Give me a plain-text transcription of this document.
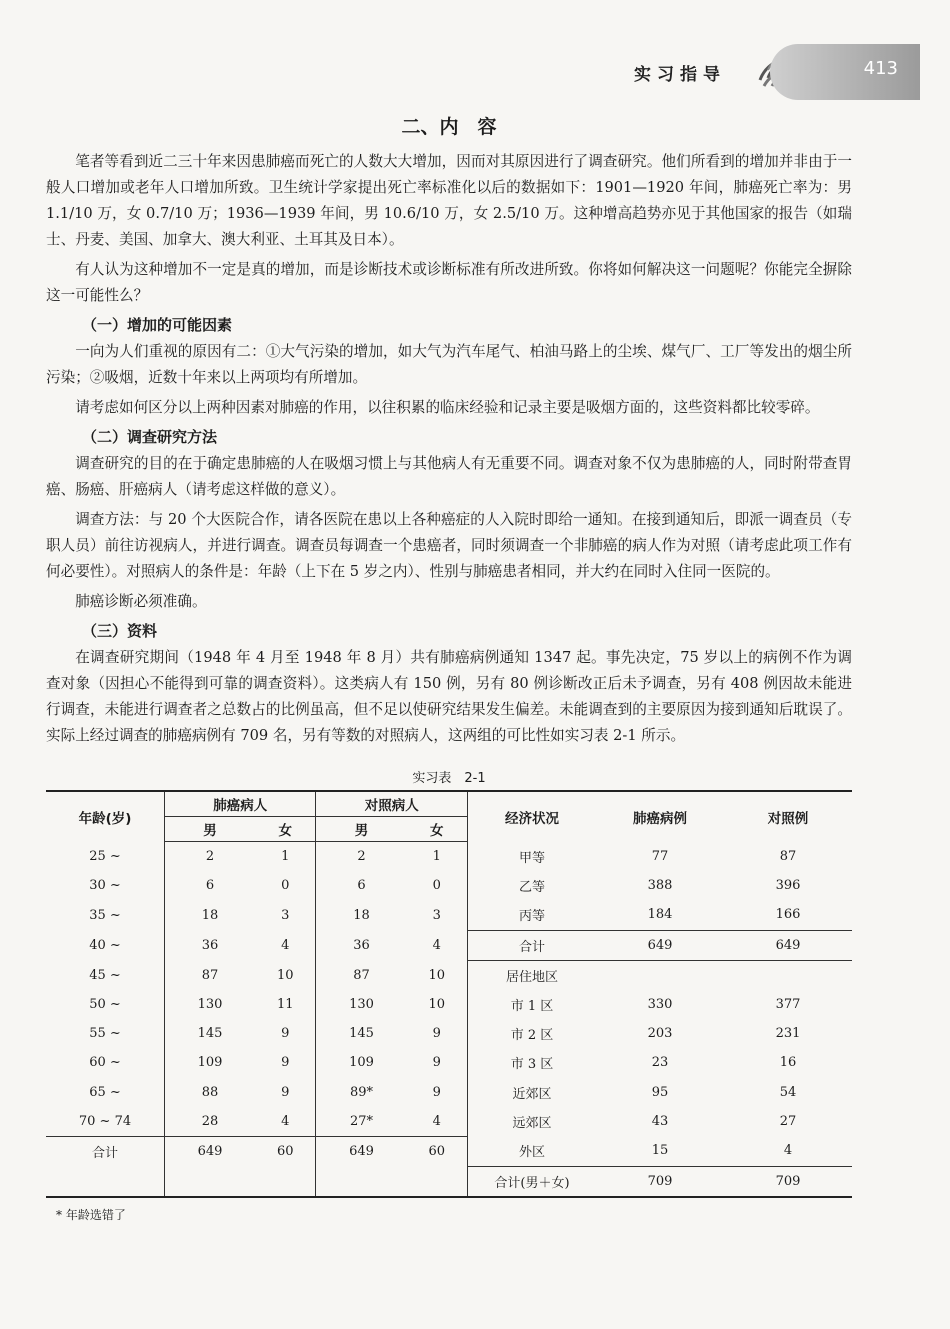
实习指导	413
二、内　容

笔者等看到近二三十年来因患肺癌而死亡的人数大大增加，因而对其原因进行了调查研究。他们所看到的增加并非由于一般人口增加或老年人口增加所致。卫生统计学家提出死亡率标准化以后的数据如下：1901—1920 年间，肺癌死亡率为：男 1.1/10 万，女 0.7/10 万；1936—1939 年间，男 10.6/10 万，女 2.5/10 万。这种增高趋势亦见于其他国家的报告（如瑞士、丹麦、美国、加拿大、澳大利亚、土耳其及日本）。

有人认为这种增加不一定是真的增加，而是诊断技术或诊断标准有所改进所致。你将如何解决这一问题呢？你能完全摒除这一可能性么？

（一）增加的可能因素

一向为人们重视的原因有二：①大气污染的增加，如大气为汽车尾气、柏油马路上的尘埃、煤气厂、工厂等发出的烟尘所污染；②吸烟，近数十年来以上两项均有所增加。

请考虑如何区分以上两种因素对肺癌的作用，以往积累的临床经验和记录主要是吸烟方面的，这些资料都比较零碎。

（二）调查研究方法

调查研究的目的在于确定患肺癌的人在吸烟习惯上与其他病人有无重要不同。调查对象不仅为患肺癌的人，同时附带查胃癌、肠癌、肝癌病人（请考虑这样做的意义）。

调查方法：与 20 个大医院合作，请各医院在患以上各种癌症的人入院时即给一通知。在接到通知后，即派一调查员（专职人员）前往访视病人，并进行调查。调查员每调查一个患癌者，同时须调查一个非肺癌的病人作为对照（请考虑此项工作有何必要性）。对照病人的条件是：年龄（上下在 5 岁之内）、性别与肺癌患者相同，并大约在同时入住同一医院的。

肺癌诊断必须准确。

（三）资料

在调查研究期间（1948 年 4 月至 1948 年 8 月）共有肺癌病例通知 1347 起。事先决定，75 岁以上的病例不作为调查对象（因担心不能得到可靠的调查资料）。这类病人有 150 例，另有 80 例诊断改正后未予调查，另有 408 例因故未能进行调查，未能进行调查者之总数占的比例虽高，但不足以使研究结果发生偏差。未能调查到的主要原因为接到通知后耽误了。实际上经过调查的肺癌病例有 709 名，另有等数的对照病人，这两组的可比性如实习表 2-1 所示。

实习表　2-1
年龄(岁)	肺癌病人		对照病人		经济状况	肺癌病例	对照例
	男	女	男	女			
25 ~	2	1	2	1	甲等	77	87
30 ~	6	0	6	0	乙等	388	396
35 ~	18	3	18	3	丙等	184	166
40 ~	36	4	36	4	合计	649	649
45 ~	87	10	87	10	居住地区		
50 ~	130	11	130	10	市 1 区	330	377
55 ~	145	9	145	9	市 2 区	203	231
60 ~	109	9	109	9	市 3 区	23	16
65 ~	88	9	89*	9	近郊区	95	54
70 ~ 74	28	4	27*	4	远郊区	43	27
合计	649	60	649	60	外区	15	4
					合计(男＋女)	709	709
* 年龄选错了
